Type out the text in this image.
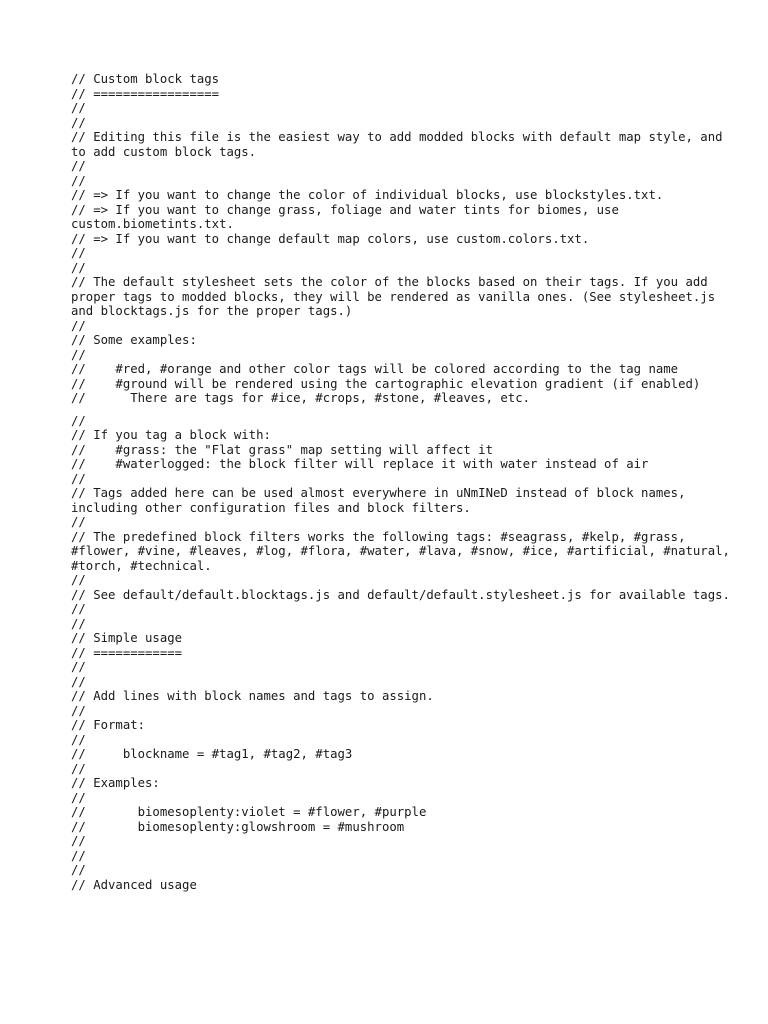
// Custom block tags
// =================
//
//
// Editing this file is the easiest way to add modded blocks with default map style, and to add custom block tags.
//
//
// => If you want to change the color of individual blocks, use blockstyles.txt.
// => If you want to change grass, foliage and water tints for biomes, use custom.biometints.txt.
// => If you want to change default map colors, use custom.colors.txt.
//
//
// The default stylesheet sets the color of the blocks based on their tags. If you add proper tags to modded blocks, they will be rendered as vanilla ones. (See stylesheet.js and blocktags.js for the proper tags.)
//
// Some examples:
//
//    #red, #orange and other color tags will be colored according to the tag name
//    #ground will be rendered using the cartographic elevation gradient (if enabled)
//      There are tags for #ice, #crops, #stone, #leaves, etc.
//
// If you tag a block with:
//    #grass: the "Flat grass" map setting will affect it
//    #waterlogged: the block filter will replace it with water instead of air
//
// Tags added here can be used almost everywhere in uNmINeD instead of block names, including other configuration files and block filters.
//
// The predefined block filters works the following tags: #seagrass, #kelp, #grass, #flower, #vine, #leaves, #log, #flora, #water, #lava, #snow, #ice, #artificial, #natural, #torch, #technical.
//
// See default/default.blocktags.js and default/default.stylesheet.js for available tags.
//
//
// Simple usage
// ============
//
//
// Add lines with block names and tags to assign.
//
// Format:
//
//     blockname = #tag1, #tag2, #tag3
//
// Examples:
//
//       biomesoplenty:violet = #flower, #purple
//       biomesoplenty:glowshroom = #mushroom
//
//
//
// Advanced usage
